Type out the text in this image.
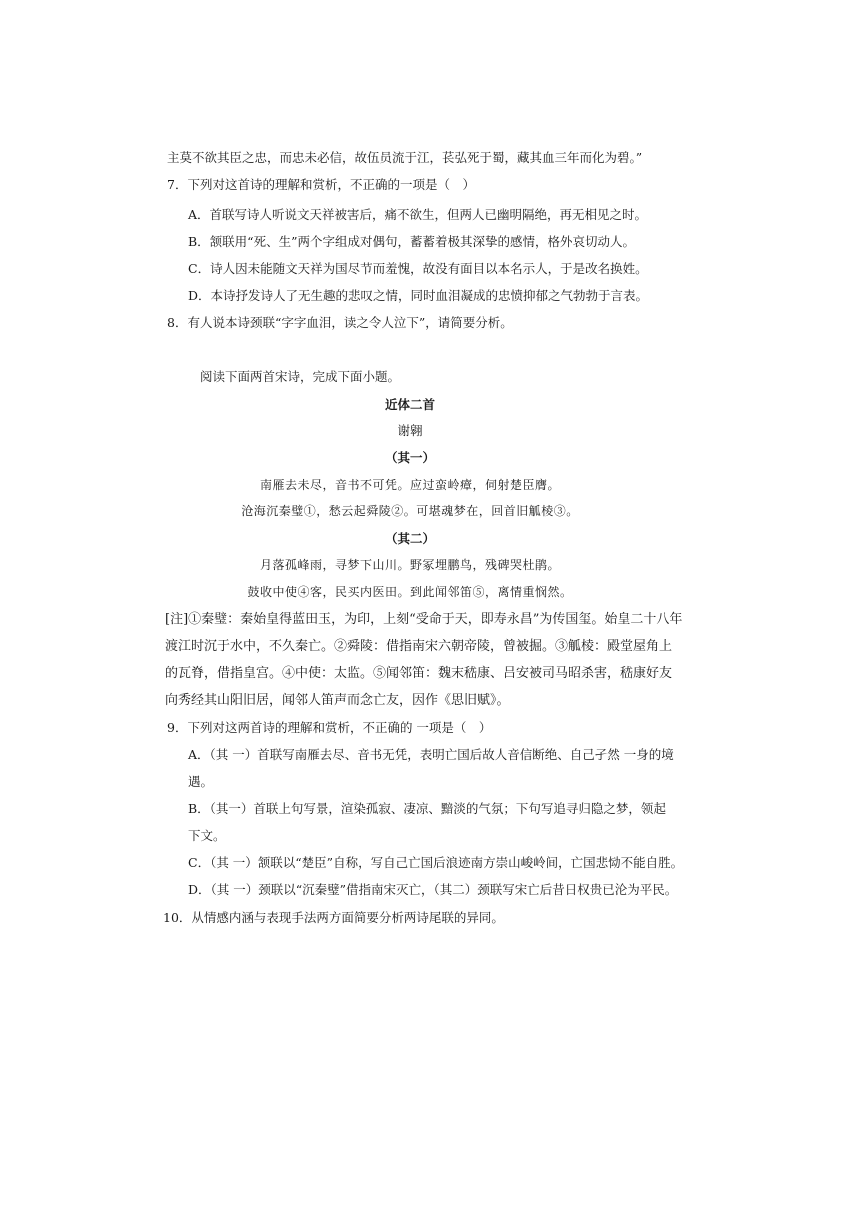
主莫不欲其臣之忠，而忠未必信，故伍员流于江，苌弘死于蜀，藏其血三年而化为碧。”
7．下列对这首诗的理解和赏析，不正确的一项是（　）
A．首联写诗人听说文天祥被害后，痛不欲生，但两人已幽明隔绝，再无相见之时。
B．颔联用“死、生”两个字组成对偶句，蓄蓄着极其深挚的感情，格外哀切动人。
C．诗人因未能随文天祥为国尽节而羞愧，故没有面目以本名示人，于是改名换姓。
D．本诗抒发诗人了无生趣的悲叹之情，同时血泪凝成的忠愤抑郁之气勃勃于言表。
8．有人说本诗颈联“字字血泪，读之令人泣下”，请简要分析。
阅读下面两首宋诗，完成下面小题。
近体二首
谢翱
（其一）
南雁去未尽，音书不可凭。应过蛮岭瘴，伺射楚臣膺。
沧海沉秦璧①，愁云起舜陵②。可堪魂梦在，回首旧觚棱③。
（其二）
月落孤峰雨，寻梦下山川。野冢埋鹏鸟，残碑哭杜鹃。
鼓收中使④客，民买内医田。到此闻邻笛⑤，离情重悯然。
[注]①秦璧：秦始皇得蓝田玉，为印，上刻“受命于天，即寿永昌”为传国玺。始皇二十八年
渡江时沉于水中，不久秦亡。②舜陵：借指南宋六朝帝陵，曾被掘。③觚棱：殿堂屋角上
的瓦脊，借指皇宫。④中使：太监。⑤闻邻笛：魏末嵇康、吕安被司马昭杀害，嵇康好友
向秀经其山阳旧居，闻邻人笛声而念亡友，因作《思旧赋》。
9．下列对这两首诗的理解和赏析，不正确的 一项是（　）
A．（其 一）首联写南雁去尽、音书无凭，表明亡国后故人音信断绝、自己孑然 一身的境
遇。
B．（其一）首联上句写景，渲染孤寂、凄凉、黯淡的气氛；下句写追寻归隐之梦，领起
下文。
C．（其 一）颔联以“楚臣”自称，写自己亡国后浪迹南方崇山峻岭间，亡国悲恸不能自胜。
D．（其 一）颈联以“沉秦璧”借指南宋灭亡，（其二）颈联写宋亡后昔日权贵已沦为平民。
10．从情感内涵与表现手法两方面简要分析两诗尾联的异同。
